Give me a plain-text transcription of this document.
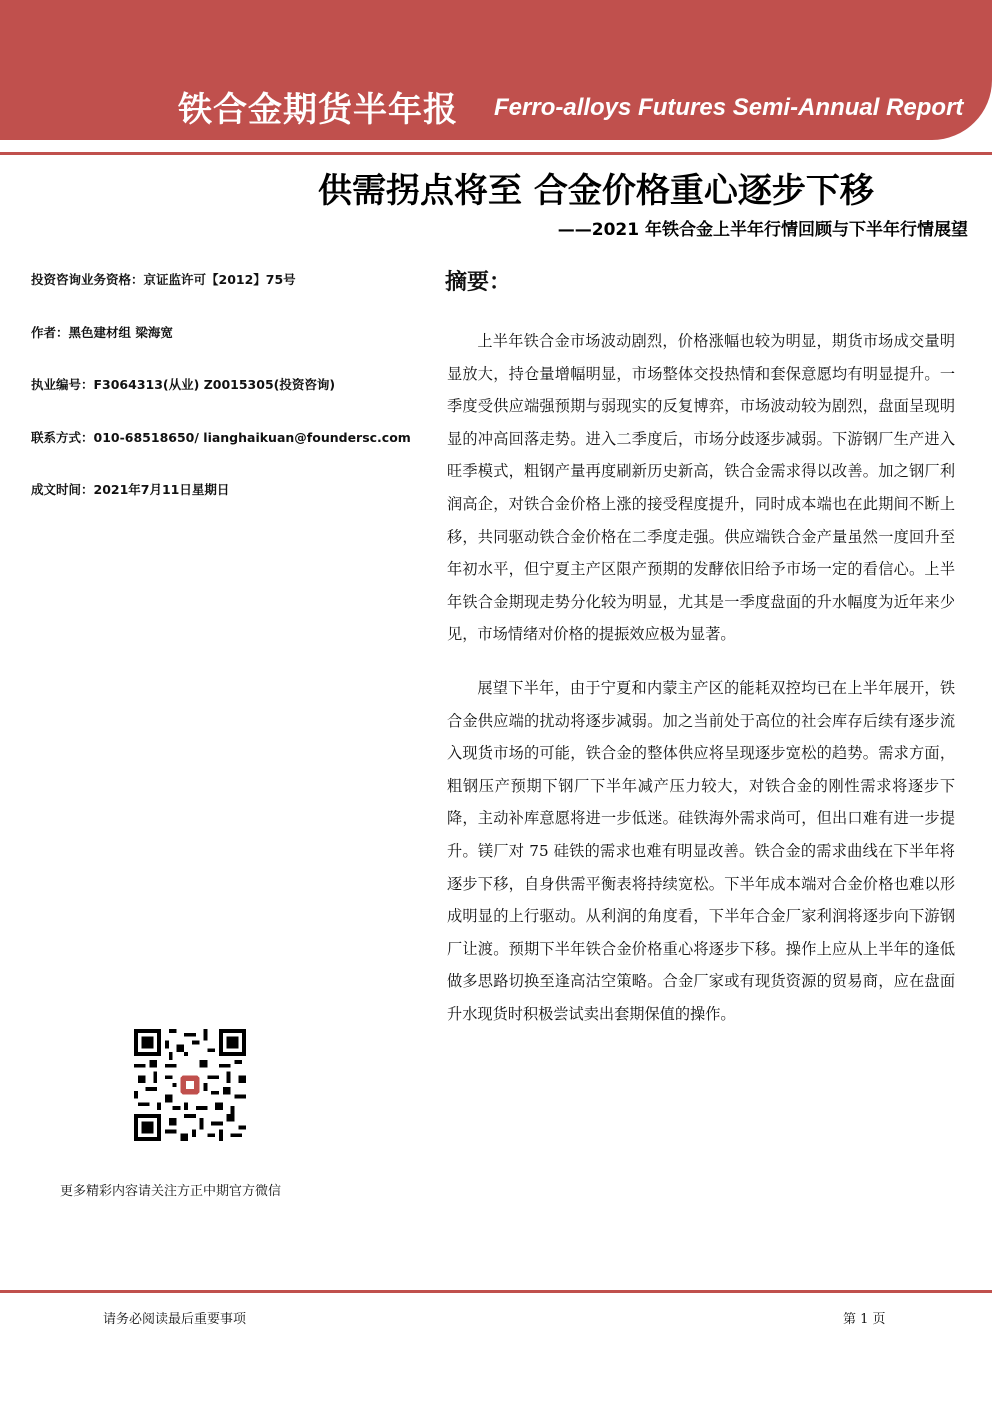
铁合金期货半年报 Ferro-alloys Futures Semi-Annual Report
供需拐点将至 合金价格重心逐步下移
——2021 年铁合金上半年行情回顾与下半年行情展望
投资咨询业务资格：京证监许可【2012】75号
作者：黑色建材组 梁海宽
执业编号：F3064313(从业) Z0015305(投资咨询)
联系方式：010-68518650/ lianghaikuan@foundersc.com
成文时间：2021年7月11日星期日
摘要：

上半年铁合金市场波动剧烈，价格涨幅也较为明显，期货市场成交量明显放大，持仓量增幅明显，市场整体交投热情和套保意愿均有明显提升。一季度受供应端强预期与弱现实的反复博弈，市场波动较为剧烈，盘面呈现明显的冲高回落走势。进入二季度后，市场分歧逐步减弱。下游钢厂生产进入旺季模式，粗钢产量再度刷新历史新高，铁合金需求得以改善。加之钢厂利润高企，对铁合金价格上涨的接受程度提升，同时成本端也在此期间不断上移，共同驱动铁合金价格在二季度走强。供应端铁合金产量虽然一度回升至年初水平，但宁夏主产区限产预期的发酵依旧给予市场一定的看信心。上半年铁合金期现走势分化较为明显，尤其是一季度盘面的升水幅度为近年来少见，市场情绪对价格的提振效应极为显著。

展望下半年，由于宁夏和内蒙主产区的能耗双控均已在上半年展开，铁合金供应端的扰动将逐步减弱。加之当前处于高位的社会库存后续有逐步流入现货市场的可能，铁合金的整体供应将呈现逐步宽松的趋势。需求方面，粗钢压产预期下钢厂下半年减产压力较大，对铁合金的刚性需求将逐步下降，主动补库意愿将进一步低迷。硅铁海外需求尚可，但出口难有进一步提升。镁厂对 75 硅铁的需求也难有明显改善。铁合金的需求曲线在下半年将逐步下移，自身供需平衡表将持续宽松。下半年成本端对合金价格也难以形成明显的上行驱动。从利润的角度看，下半年合金厂家利润将逐步向下游钢厂让渡。预期下半年铁合金价格重心将逐步下移。操作上应从上半年的逢低做多思路切换至逢高沽空策略。合金厂家或有现货资源的贸易商，应在盘面升水现货时积极尝试卖出套期保值的操作。

更多精彩内容请关注方正中期官方微信
请务必阅读最后重要事项	第 1 页
